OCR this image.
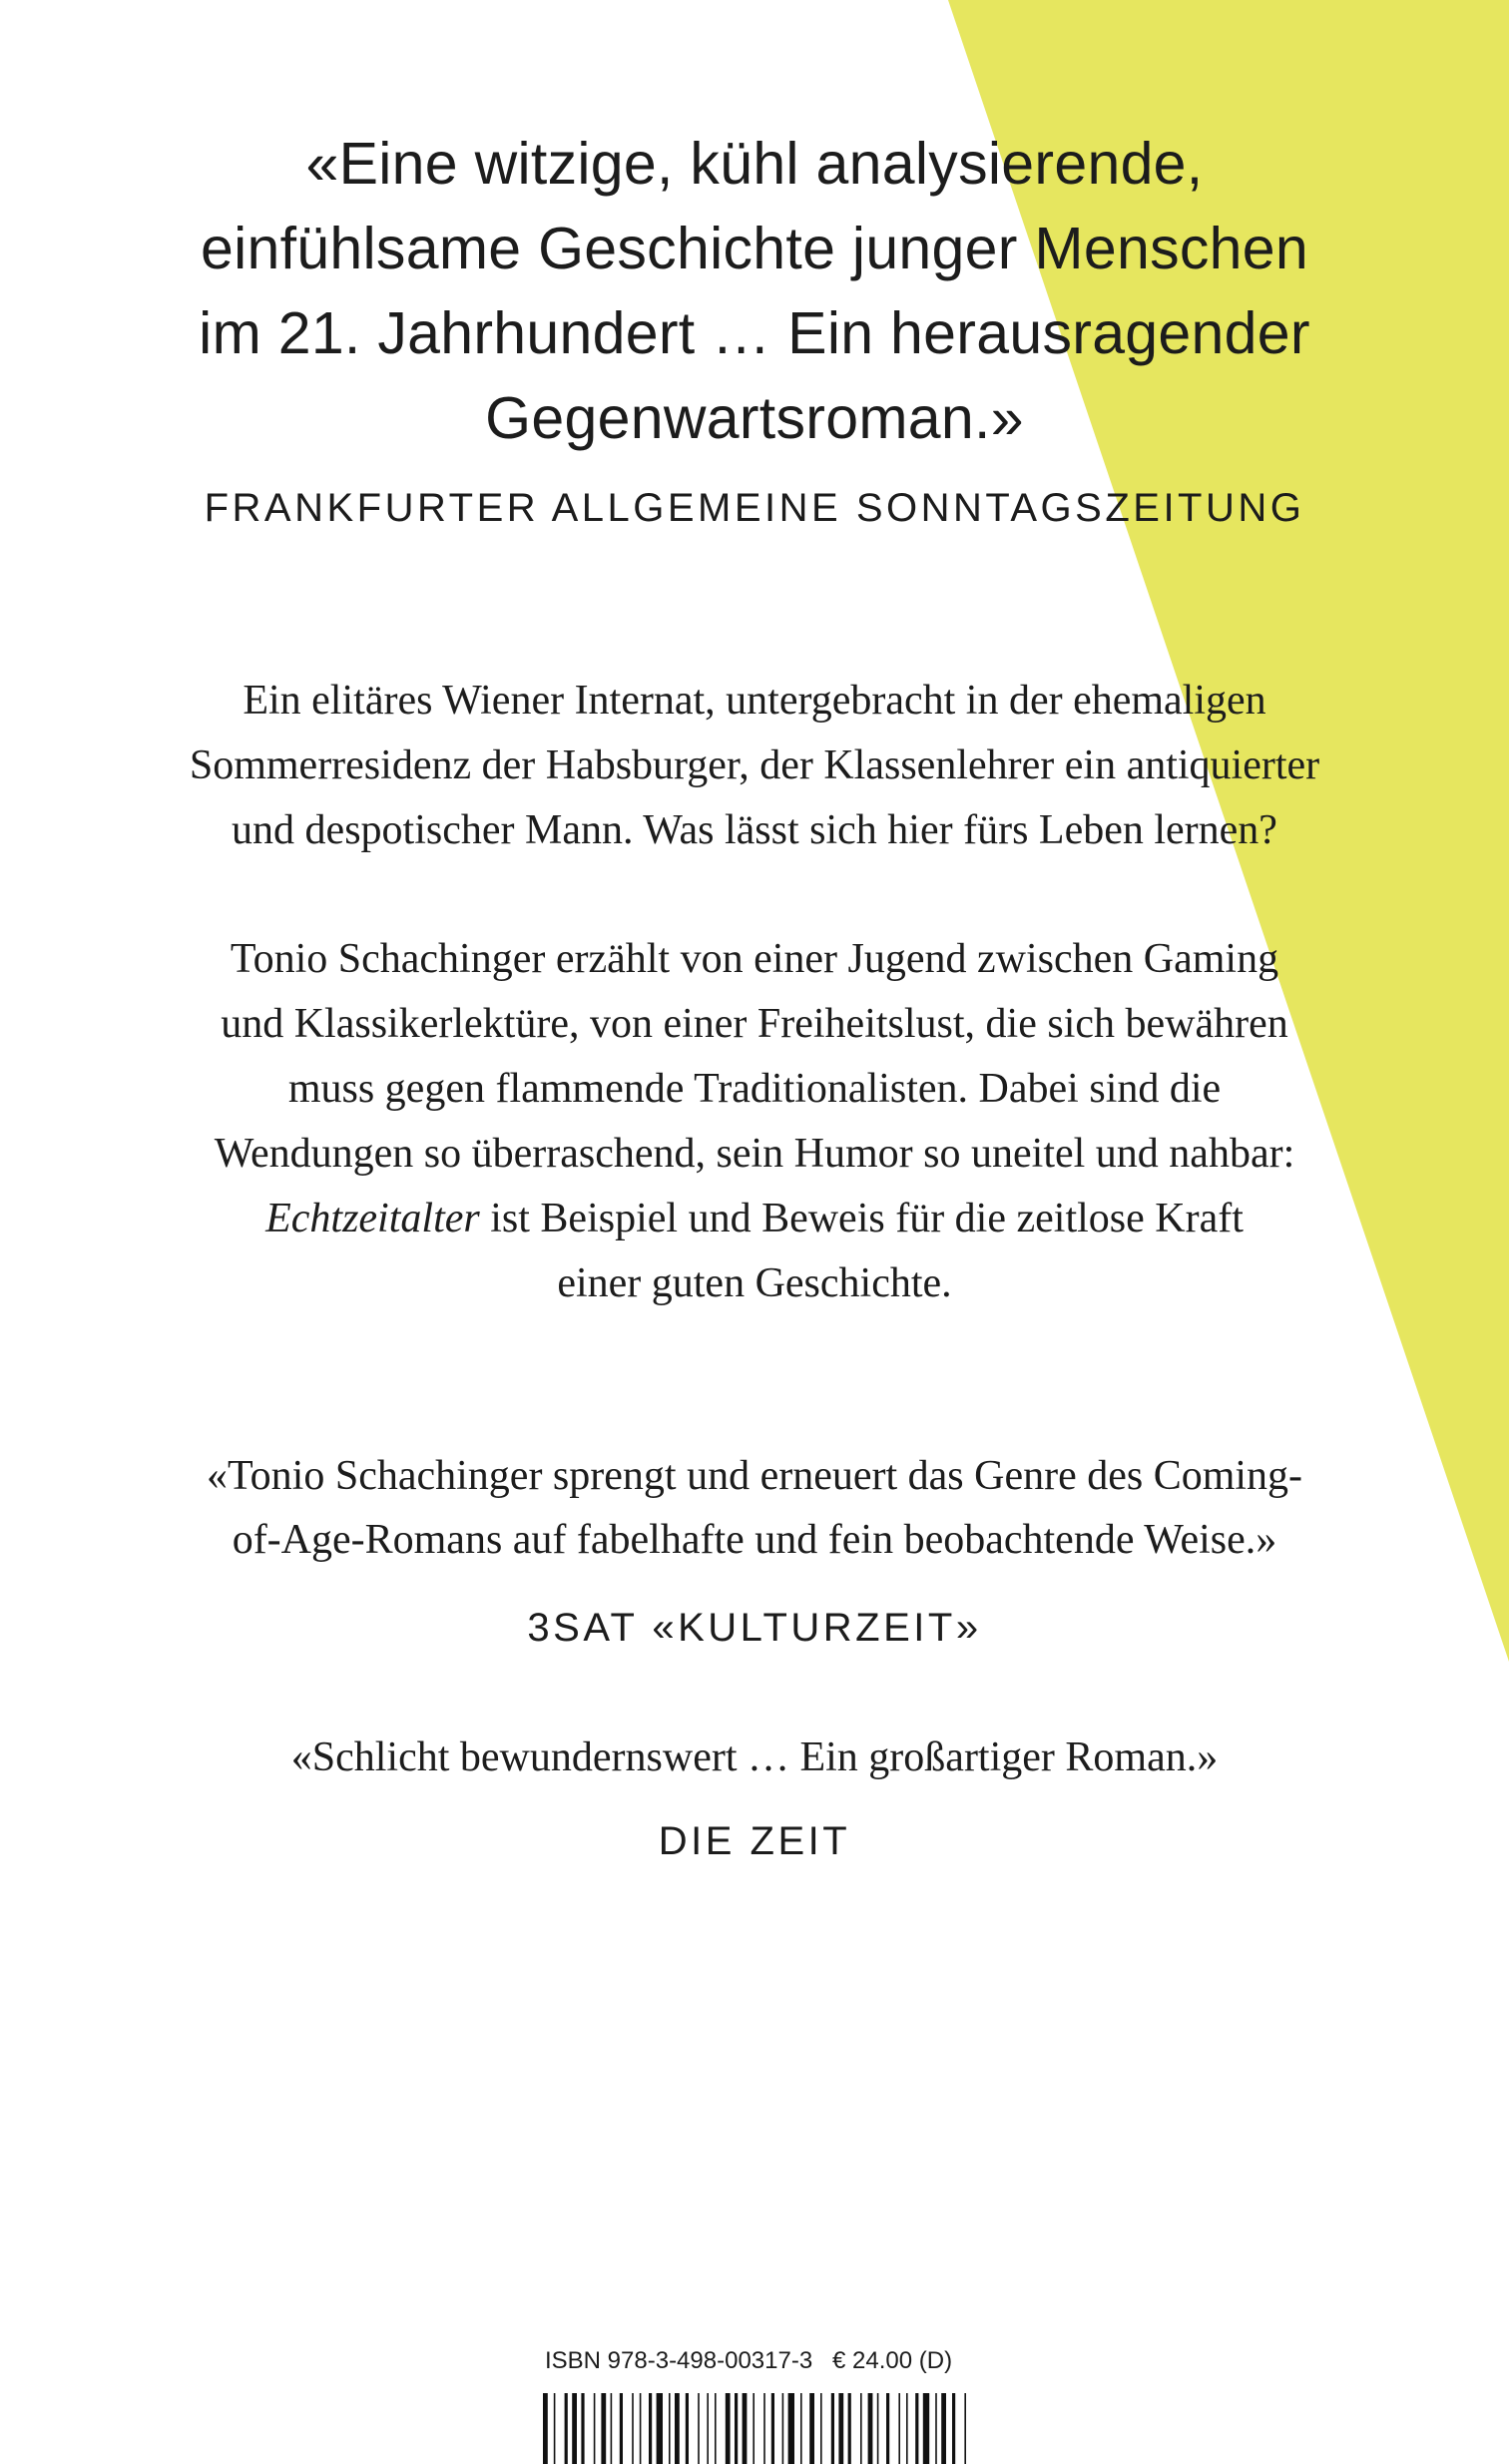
«Eine witzige, kühl analysierende,
einfühlsame Geschichte junger Menschen
im 21. Jahrhundert … Ein herausragender
Gegenwartsroman.»
FRANKFURTER ALLGEMEINE SONNTAGSZEITUNG
Ein elitäres Wiener Internat, untergebracht in der ehemaligen
Sommerresidenz der Habsburger, der Klassenlehrer ein antiquierter
und despotischer Mann. Was lässt sich hier fürs Leben lernen?
Tonio Schachinger erzählt von einer Jugend zwischen Gaming
und Klassikerlektüre, von einer Freiheitslust, die sich bewähren
muss gegen flammende Traditionalisten. Dabei sind die
Wendungen so überraschend, sein Humor so uneitel und nahbar:
Echtzeitalter ist Beispiel und Beweis für die zeitlose Kraft
einer guten Geschichte.
«Tonio Schachinger sprengt und erneuert das Genre des Coming-
of-Age-Romans auf fabelhafte und fein beobachtende Weise.»
3SAT «KULTURZEIT»
«Schlicht bewundernswert … Ein großartiger Roman.»
DIE ZEIT
ISBN 978-3-498-00317-3 € 24.00 (D)
